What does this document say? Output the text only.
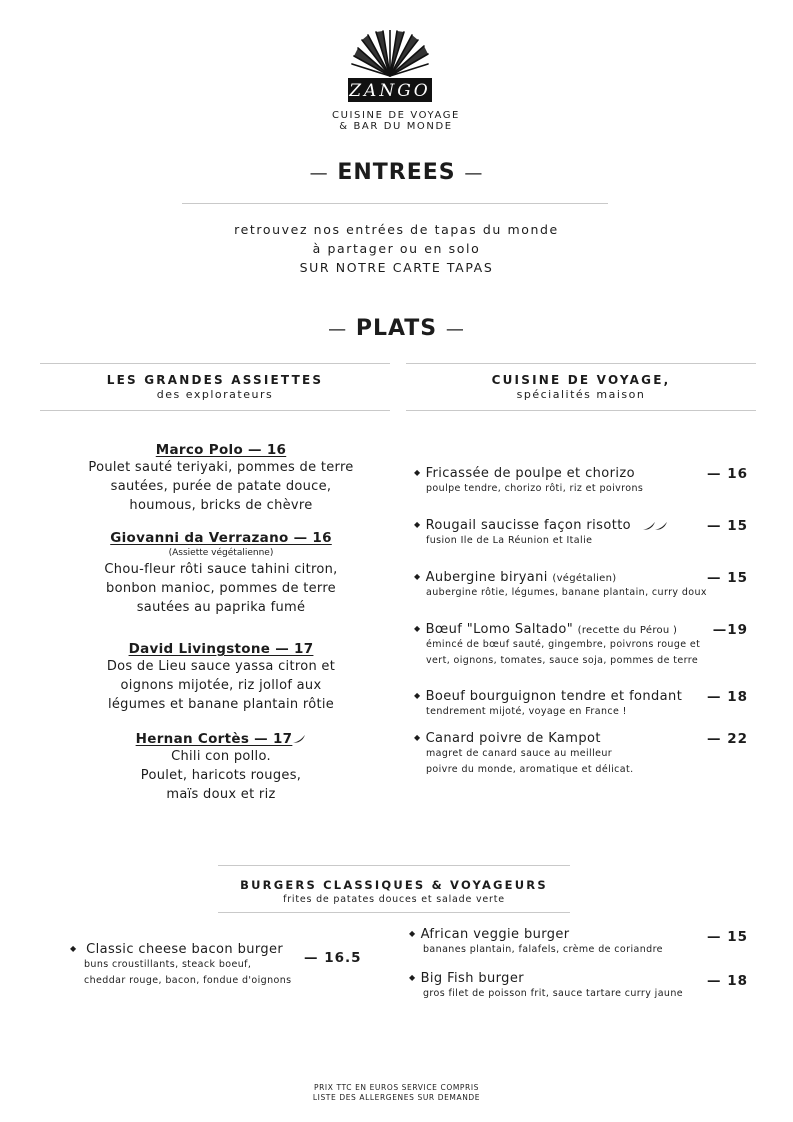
ZANGO
CUISINE DE VOYAGE
& BAR DU MONDE
— ENTREES —
retrouvez nos entrées de tapas du monde
à partager ou en solo
SUR NOTRE CARTE TAPAS
— PLATS —
LES GRANDES ASSIETTES
des explorateurs
CUISINE DE VOYAGE,
spécialités maison
Marco Polo — 16
Poulet sauté teriyaki, pommes de terre
sautées, purée de patate douce,
houmous, bricks de chèvre
Giovanni da Verrazano — 16
(Assiette végétalienne)
Chou-fleur rôti sauce tahini citron,
bonbon manioc, pommes de terre
sautées au paprika fumé
David Livingstone — 17
Dos de Lieu sauce yassa citron et
oignons mijotée, riz jollof aux
légumes et banane plantain rôtie
Hernan Cortès — 17
Chili con pollo.
Poulet, haricots rouges,
maïs doux et riz
◆ Fricassée de poulpe et chorizo	— 16
poulpe tendre, chorizo rôti, riz et poivrons
◆ Rougail saucisse façon risotto	— 15
fusion Ile de La Réunion et Italie
◆ Aubergine biryani (végétalien)	— 15
aubergine rôtie, légumes, banane plantain, curry doux
◆ Bœuf "Lomo Saltado" (recette du Pérou )	—19
émincé de bœuf sauté, gingembre, poivrons rouge et
vert, oignons, tomates, sauce soja, pommes de terre
◆ Boeuf bourguignon tendre et fondant	— 18
tendrement mijoté, voyage en France !
◆ Canard poivre de Kampot	— 22
magret de canard sauce au meilleur
poivre du monde, aromatique et délicat.
BURGERS CLASSIQUES & VOYAGEURS
frites de patates douces et salade verte
◆ Classic cheese bacon burger
buns croustillants, steack boeuf,
cheddar rouge, bacon, fondue d'oignons
— 16.5
◆ African veggie burger
bananes plantain, falafels, crème de coriandre
— 15
◆ Big Fish burger
gros filet de poisson frit, sauce tartare curry jaune
— 18
PRIX TTC EN EUROS SERVICE COMPRIS
LISTE DES ALLERGENES SUR DEMANDE
